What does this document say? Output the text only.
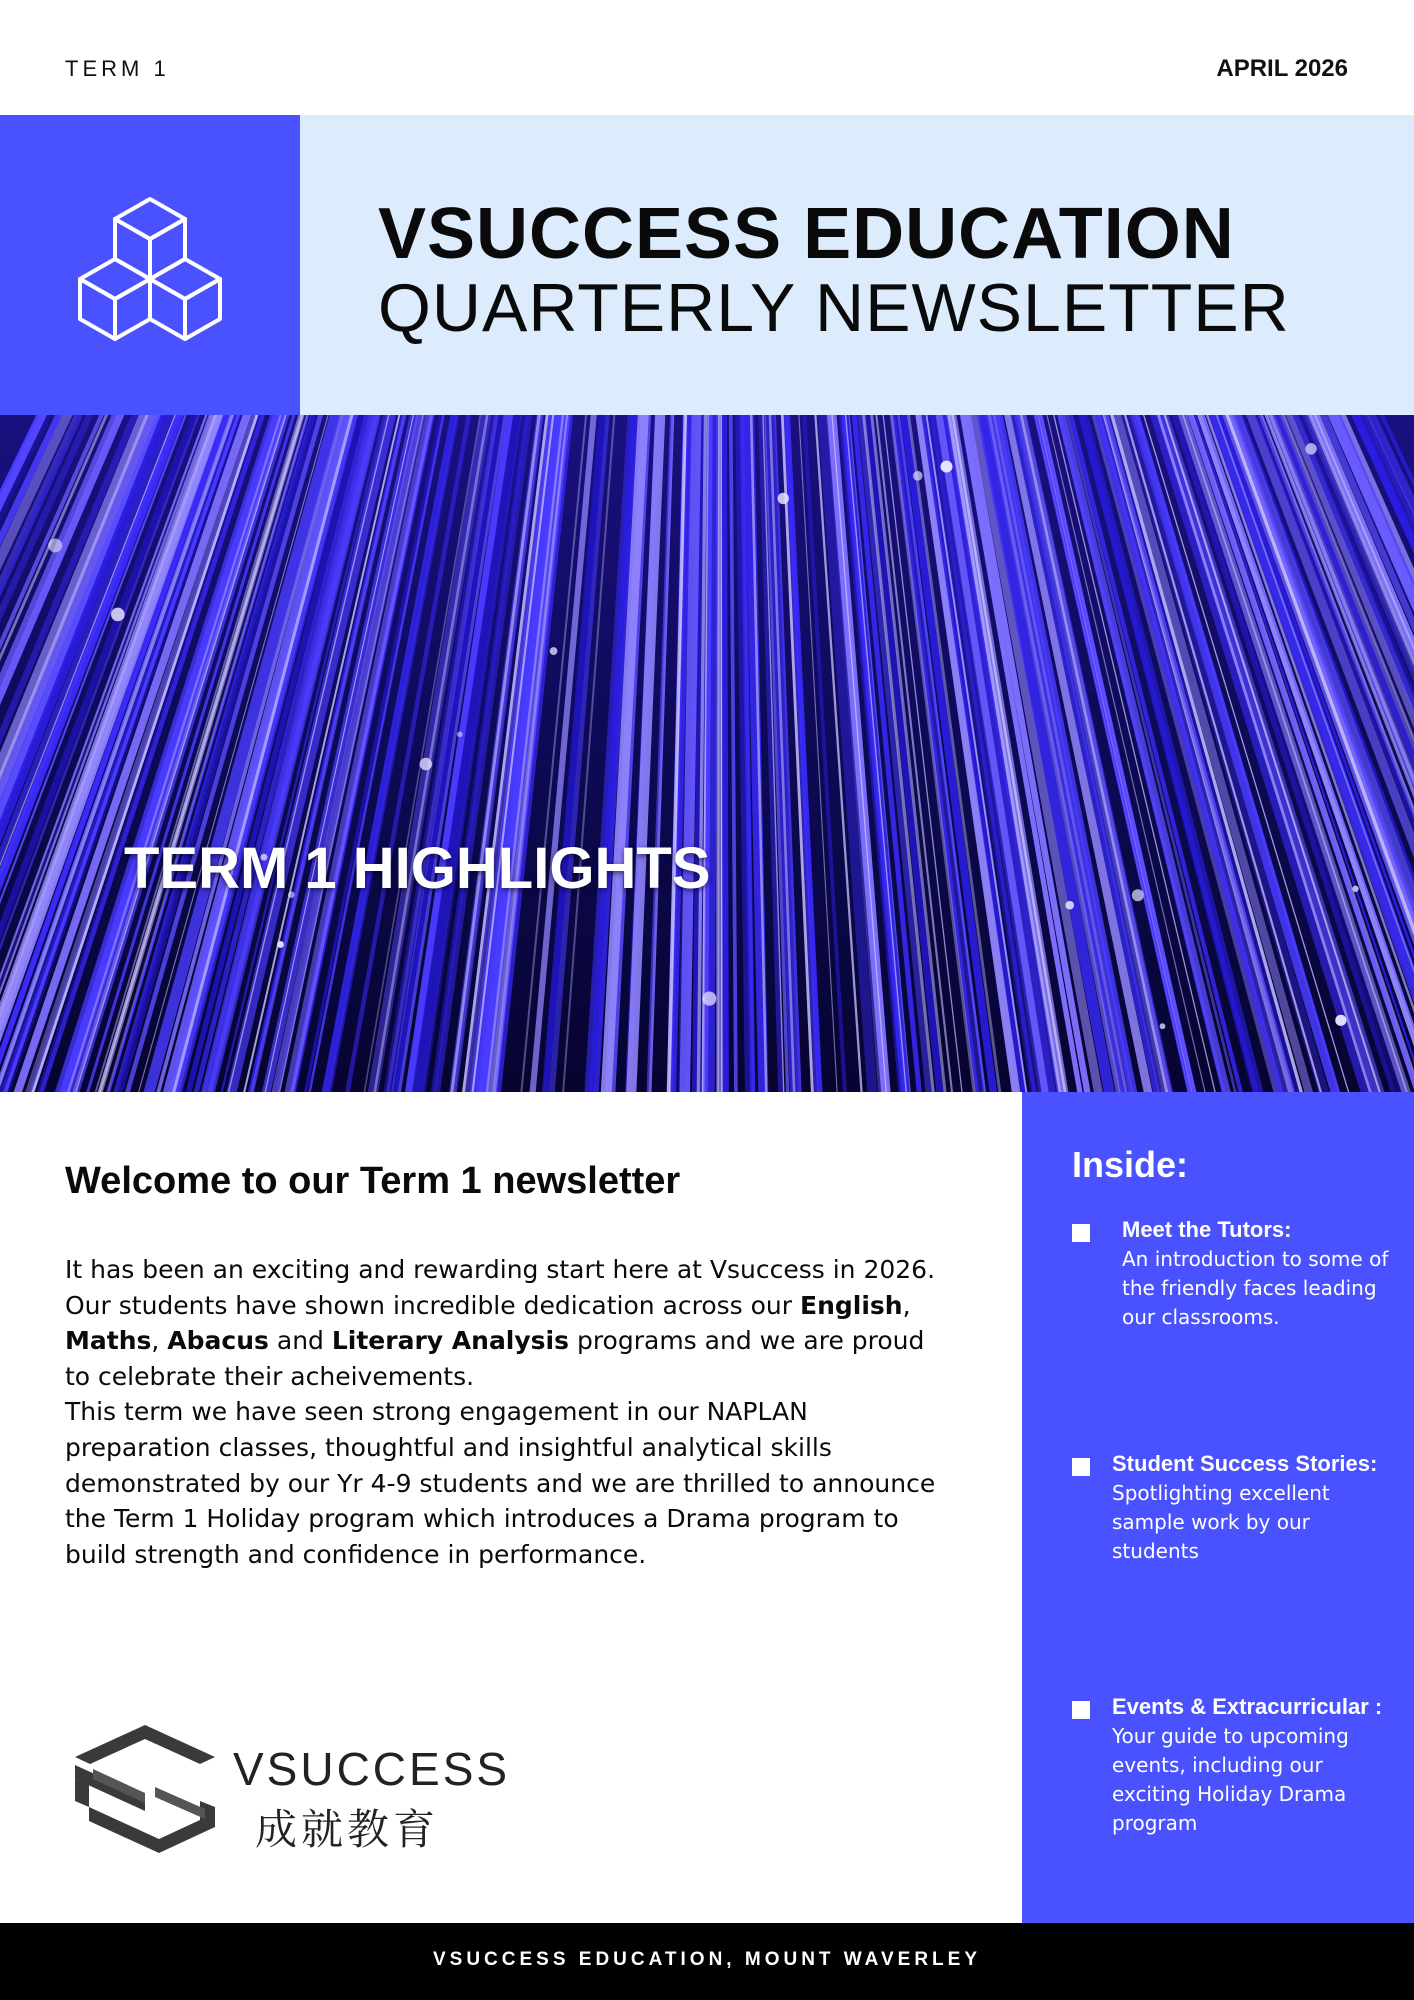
TERM 1	APRIL 2026
VSUCCESS EDUCATION
QUARTERLY NEWSLETTER
TERM 1 HIGHLIGHTS
Welcome to our Term 1 newsletter

It has been an exciting and rewarding start here at Vsuccess in 2026. Our students have shown incredible dedication across our English, Maths, Abacus and Literary Analysis programs and we are proud to celebrate their acheivements.

This term we have seen strong engagement in our NAPLAN preparation classes, thoughtful and insightful analytical skills demonstrated by our Yr 4-9 students and we are thrilled to announce the Term 1 Holiday program which introduces a Drama program to build strength and confidence in performance.

VSUCCESS
成就教育
Inside:
Meet the Tutors:
An introduction to some of the friendly faces leading our classrooms.
Student Success Stories:
Spotlighting excellent sample work by our students
Events & Extracurricular :
Your guide to upcoming events, including our exciting Holiday Drama program
VSUCCESS EDUCATION, MOUNT WAVERLEY
